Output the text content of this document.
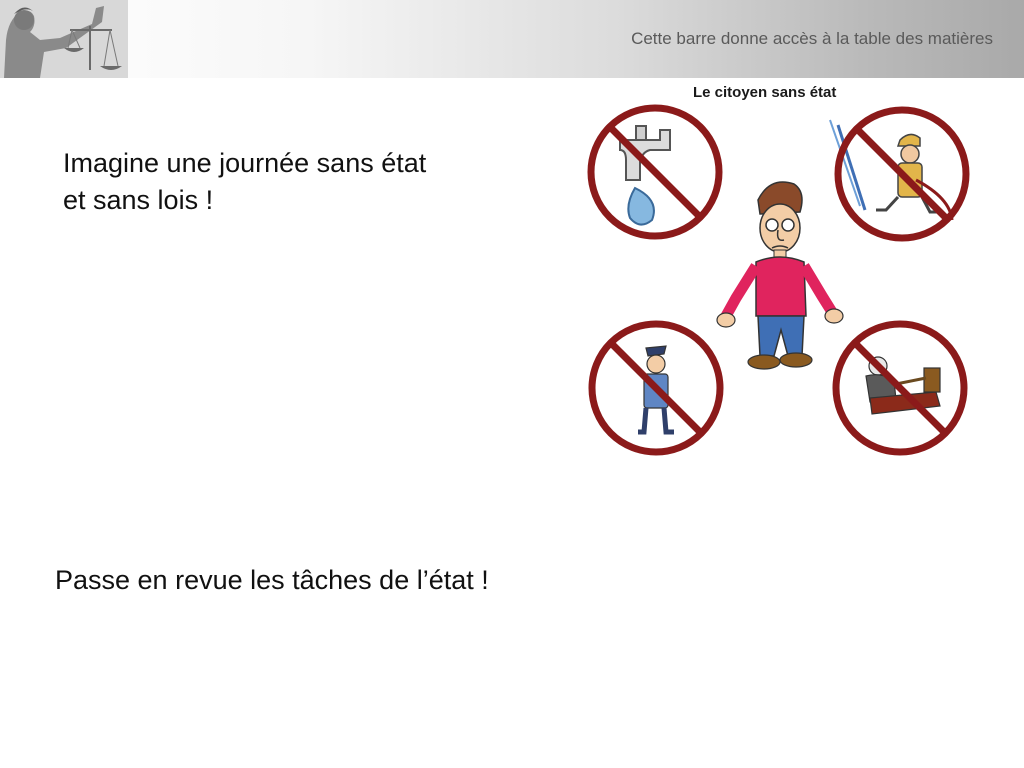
Cette barre donne accès à la table des matières
Imagine une journée sans état
et sans lois !
Passe en revue les tâches de l’état !
Le citoyen sans état
